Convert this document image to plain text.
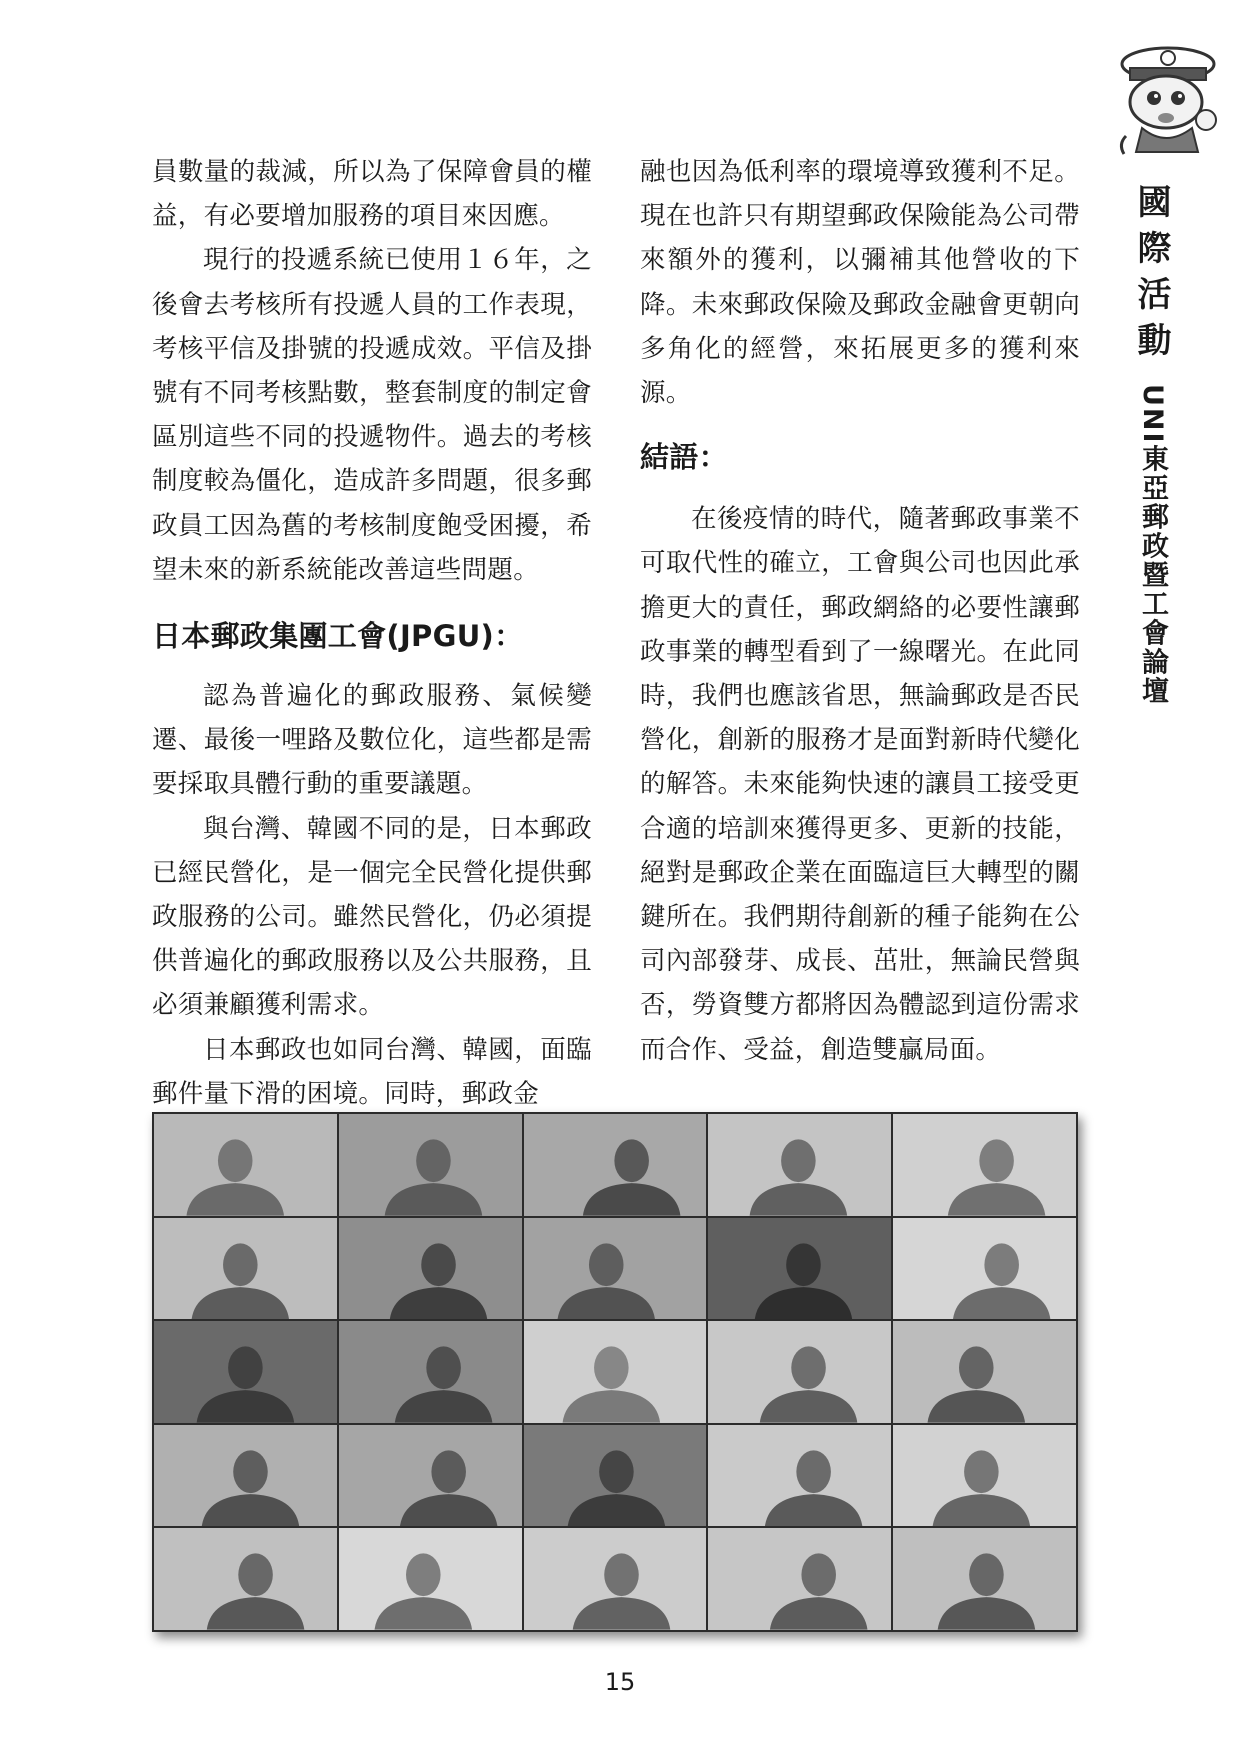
員數量的裁減，所以為了保障會員的權益，有必要增加服務的項目來因應。

現行的投遞系統已使用１６年，之後會去考核所有投遞人員的工作表現，考核平信及掛號的投遞成效。平信及掛號有不同考核點數，整套制度的制定會區別這些不同的投遞物件。過去的考核制度較為僵化，造成許多問題，很多郵政員工因為舊的考核制度飽受困擾，希望未來的新系統能改善這些問題。

日本郵政集團工會(JPGU)：

認為普遍化的郵政服務、氣候變遷、最後一哩路及數位化，這些都是需要採取具體行動的重要議題。

與台灣、韓國不同的是，日本郵政已經民營化，是一個完全民營化提供郵政服務的公司。雖然民營化，仍必須提供普遍化的郵政服務以及公共服務，且必須兼顧獲利需求。

日本郵政也如同台灣、韓國，面臨郵件量下滑的困境。同時，郵政金

融也因為低利率的環境導致獲利不足。現在也許只有期望郵政保險能為公司帶來額外的獲利，以彌補其他營收的下降。未來郵政保險及郵政金融會更朝向多角化的經營，來拓展更多的獲利來源。

結語：

在後疫情的時代，隨著郵政事業不可取代性的確立，工會與公司也因此承擔更大的責任，郵政網絡的必要性讓郵政事業的轉型看到了一線曙光。在此同時，我們也應該省思，無論郵政是否民營化，創新的服務才是面對新時代變化的解答。未來能夠快速的讓員工接受更合適的培訓來獲得更多、更新的技能，絕對是郵政企業在面臨這巨大轉型的關鍵所在。我們期待創新的種子能夠在公司內部發芽、成長、茁壯，無論民營與否，勞資雙方都將因為體認到這份需求而合作、受益，創造雙贏局面。

國際活動
UNI東亞郵政暨工會論壇
15
